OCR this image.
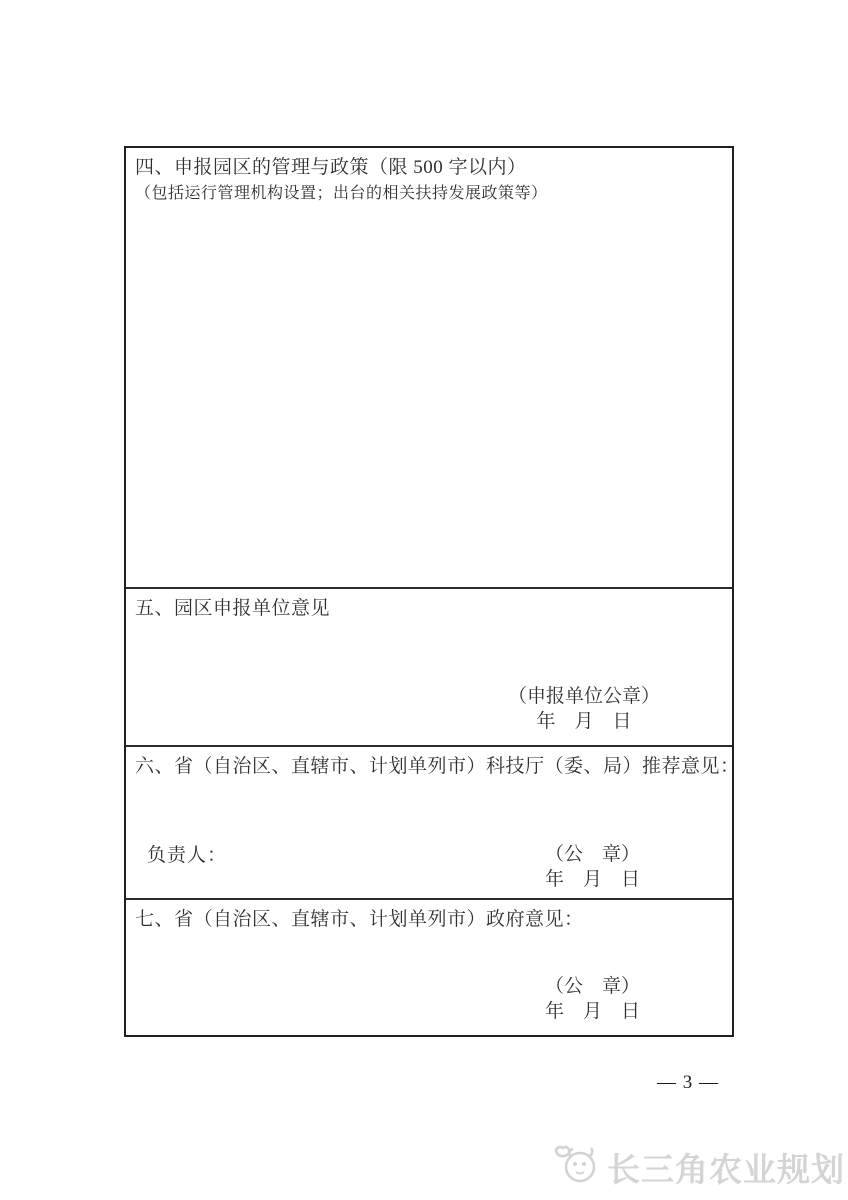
四、申报园区的管理与政策（限 500 字以内）
（包括运行管理机构设置；出台的相关扶持发展政策等）
五、园区申报单位意见
（申报单位公章）
年　月　日
六、省（自治区、直辖市、计划单列市）科技厅（委、局）推荐意见：
负责人：	（公　章）
年　月　日
七、省（自治区、直辖市、计划单列市）政府意见：
（公　章）
年　月　日
— 3 —
长三角农业规划
